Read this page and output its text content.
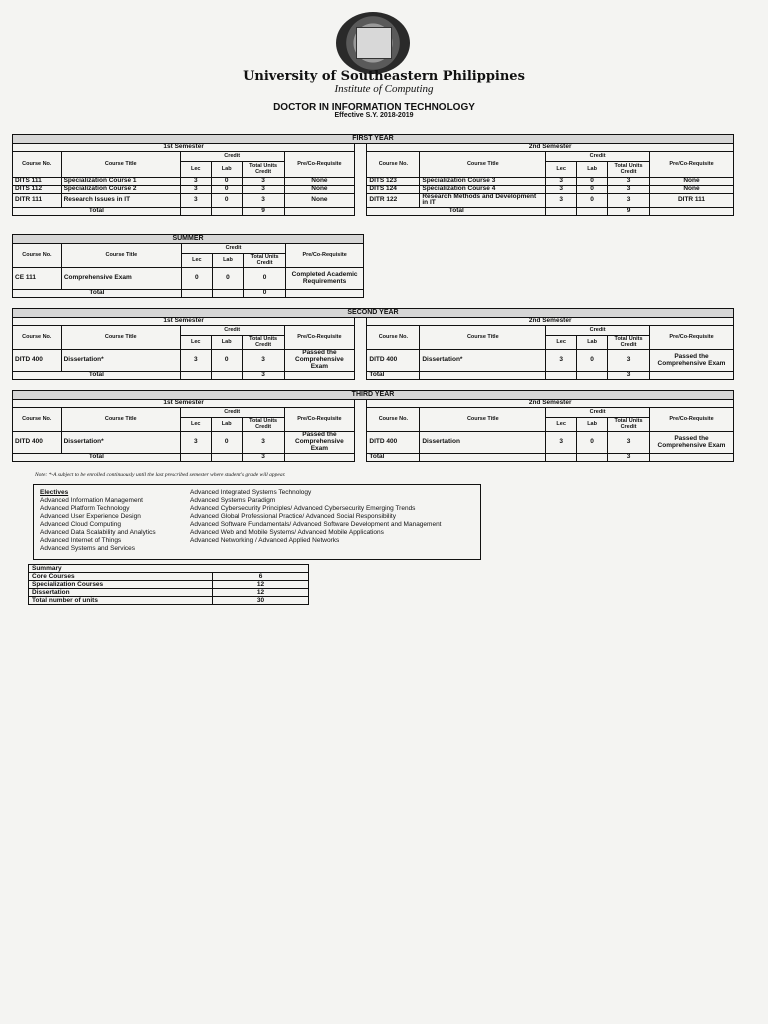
University of Southeastern Philippines
Institute of Computing
DOCTOR IN INFORMATION TECHNOLOGY
Effective S.Y. 2018-2019
FIRST YEAR												
1st Semester							2nd Semester					
Course No.	Course Title	Credit			Pre/Co-Requisite		Course No.	Course Title	Credit			Pre/Co-Requisite
		Lec	Lab	Total Units Credit					Lec	Lab	Total Units Credit	
DITS 111	Specialization Course 1	3	0	3	None		DITS 123	Specialization Course 3	3	0	3	None
DITS 112	Specialization Course 2	3	0	3	None		DITS 124	Specialization Course 4	3	0	3	None
DITR 111	Research Issues in IT	3	0	3	None		DITR 122	Research Methods and Development in IT	3	0	3	DITR 111
Total				9			Total				9	
SUMMER					
Course No.	Course Title	Credit			Pre/Co-Requisite
		Lec	Lab	Total Units Credit	
CE 111	Comprehensive Exam	0	0	0	Completed Academic Requirements
Total				0	
SECOND YEAR												
1st Semester							2nd Semester					
Course No.	Course Title	Credit			Pre/Co-Requisite		Course No.	Course Title	Credit			Pre/Co-Requisite
		Lec	Lab	Total Units Credit					Lec	Lab	Total Units Credit	
DITD 400	Dissertation*	3	0	3	Passed the Comprehensive Exam		DITD 400	Dissertation*	3	0	3	Passed the Comprehensive Exam
Total				3			Total				3	
THIRD YEAR												
1st Semester							2nd Semester					
Course No.	Course Title	Credit			Pre/Co-Requisite		Course No.	Course Title	Credit			Pre/Co-Requisite
		Lec	Lab	Total Units Credit					Lec	Lab	Total Units Credit	
DITD 400	Dissertation*	3	0	3	Passed the Comprehensive Exam		DITD 400	Dissertation	3	0	3	Passed the Comprehensive Exam
Total				3			Total				3	
Note: *-A subject to be enrolled continuously until the last prescribed semester where student's grade will appear.
Electives
Advanced Information Management
Advanced Platform Technology
Advanced User Experience Design
Advanced Cloud Computing
Advanced Data Scalability and Analytics
Advanced Internet of Things
Advanced Systems and Services
Advanced Integrated Systems Technology
Advanced Systems Paradigm
Advanced Cybersecurity Principles/ Advanced Cybersecurity Emerging Trends
Advanced Global Professional Practice/ Advanced Social Responsibility
Advanced Software Fundamentals/ Advanced Software Development and Management
Advanced Web and Mobile Systems/ Advanced Mobile Applications
Advanced Networking / Advanced Applied Networks
Summary	
Core Courses	6
Specialization Courses	12
Dissertation	12
Total number of units	30
